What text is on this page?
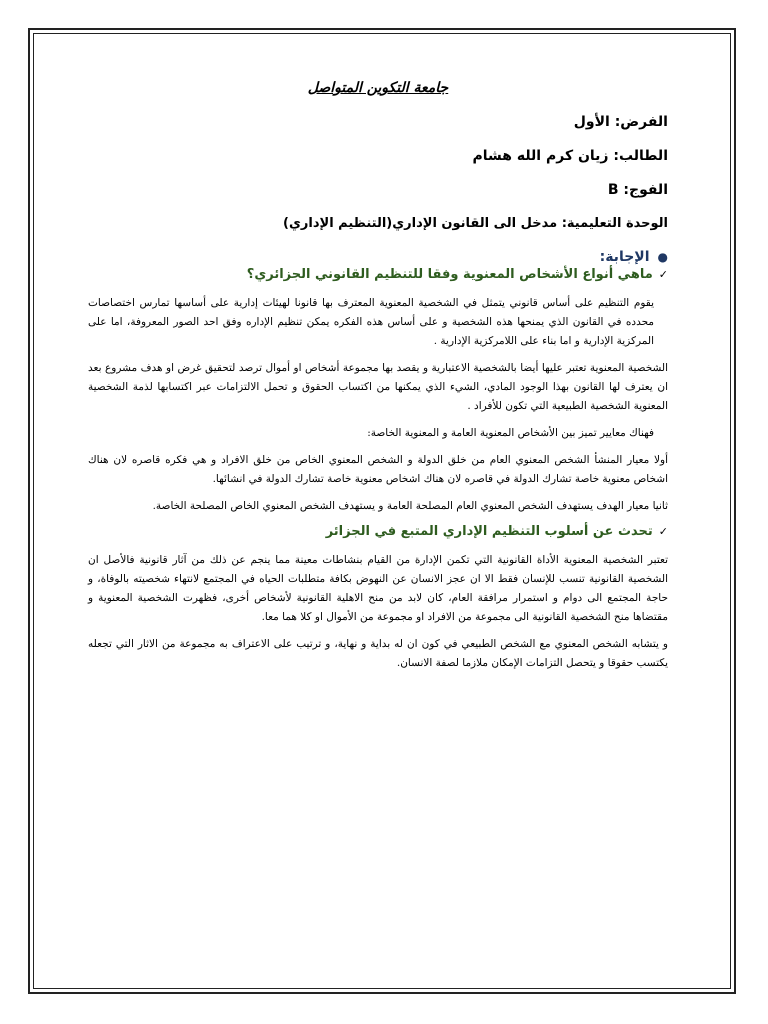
جامعة التكوين المتواصل
الفرض: الأول
الطالب: زيان كرم الله هشام
الفوج: B
الوحدة التعليمية: مدخل الى القانون الإداري(التنظيم الإداري)
●الإجابة:
✓ماهي أنواع الأشخاص المعنوية وفقا للتنظيم القانوني الجزائري؟

يقوم التنظيم على أساس قانوني يتمثل في الشخصية المعنوية المعترف بها قانونا لهيئات إدارية على أساسها تمارس اختصاصات محدده في القانون الذي يمنحها هذه الشخصية و على أساس هذه الفكره يمكن تنظيم الإداره وفق احد الصور المعروفة، اما على المركزية الإدارية و اما بناء على اللامركزية الإدارية .

الشخصية المعنوية تعتبر عليها أيضا بالشخصية الاعتبارية و يقصد بها مجموعة أشخاص او أموال ترصد لتحقيق غرض او هدف مشروع بعد ان يعترف لها القانون بهذا الوجود المادي، الشيء الذي يمكنها من اكتساب الحقوق و تحمل الالتزامات عبر اكتسابها لذمة الشخصية المعنوية الشخصية الطبيعية التي تكون للأفراد .

فهناك معايير تميز بين الأشخاص المعنوية العامة و المعنوية الخاصة:

أولا معيار المنشأ الشخص المعنوي العام من خلق الدولة و الشخص المعنوي الخاص من خلق الافراد و هي فكره قاصره لان هناك اشخاص معنوية خاصة تشارك الدولة في قاصره لان هناك اشخاص معنوية خاصة تشارك الدولة في انشائها.

ثانيا معيار الهدف يستهدف الشخص المعنوي العام المصلحة العامة و يستهدف الشخص المعنوي الخاص المصلحة الخاصة.

✓تحدث عن أسلوب التنظيم الإداري المتبع في الجزائر

تعتبر الشخصية المعنوية الأداة القانونية التي تكمن الإدارة من القيام بنشاطات معينة مما ينجم عن ذلك من آثار قانونية فالأصل ان الشخصية القانونية تنسب للإنسان فقط الا ان عجز الانسان عن النهوض بكافة متطلبات الحياه في المجتمع لانتهاء شخصيته بالوفاة، و حاجة المجتمع الى دوام و استمرار مرافقة العام، كان لابد من منح الاهلية القانونية لأشخاص أخرى، فظهرت الشخصية المعنوية و مقتضاها منح الشخصية القانونية الى مجموعة من الافراد او مجموعة من الأموال او كلا هما معا.

و يتشابه الشخص المعنوي مع الشخص الطبيعي في كون ان له بداية و نهاية، و ترتيب على الاعتراف به مجموعة من الاثار التي تجعله يكتسب حقوقا و يتحصل التزامات الإمكان ملازما لصفة الانسان.
